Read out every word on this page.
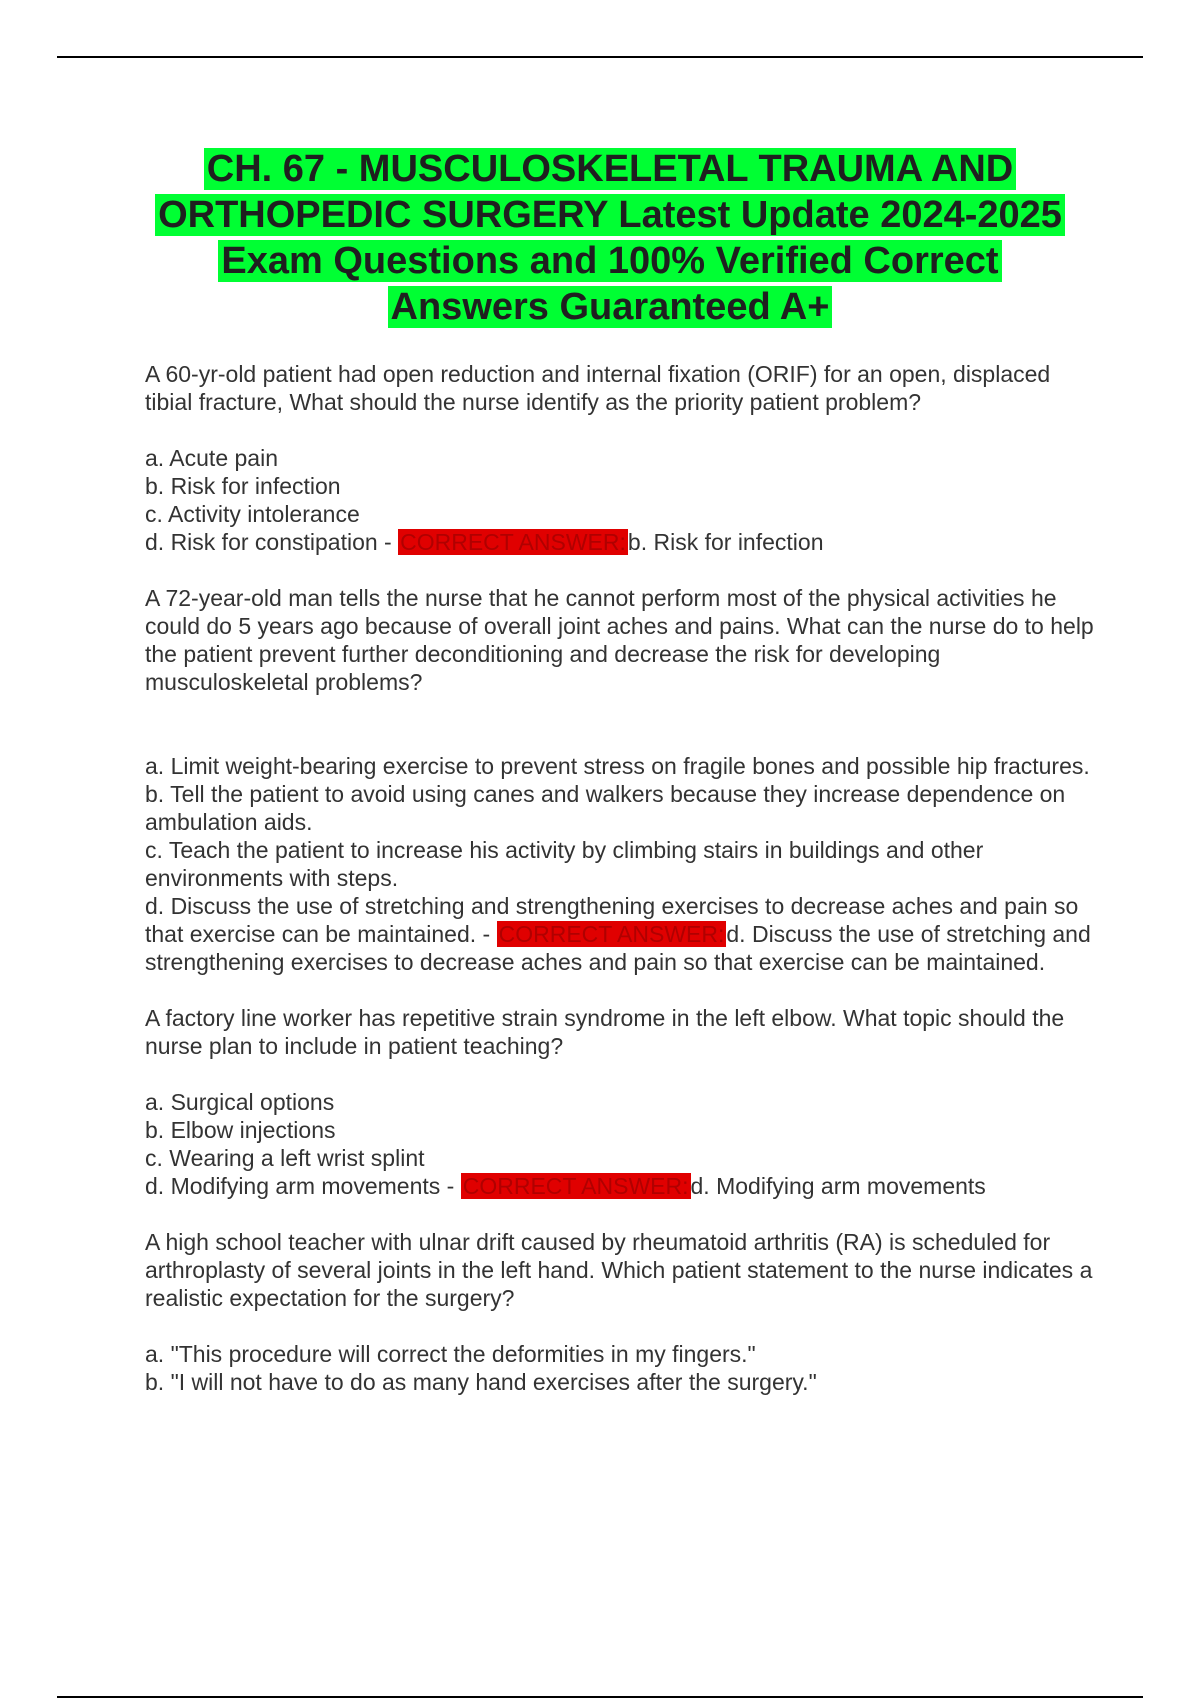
CH. 67 - MUSCULOSKELETAL TRAUMA AND ORTHOPEDIC SURGERY Latest Update 2024-2025 Exam Questions and 100% Verified Correct Answers Guaranteed A+

A 60-yr-old patient had open reduction and internal fixation (ORIF) for an open, displaced tibial fracture, What should the nurse identify as the priority patient problem?

a. Acute pain
b. Risk for infection
c. Activity intolerance
d. Risk for constipation - CORRECT ANSWER:b. Risk for infection

A 72-year-old man tells the nurse that he cannot perform most of the physical activities he could do 5 years ago because of overall joint aches and pains. What can the nurse do to help the patient prevent further deconditioning and decrease the risk for developing musculoskeletal problems?

a. Limit weight-bearing exercise to prevent stress on fragile bones and possible hip fractures.
b. Tell the patient to avoid using canes and walkers because they increase dependence on ambulation aids.
c. Teach the patient to increase his activity by climbing stairs in buildings and other environments with steps.
d. Discuss the use of stretching and strengthening exercises to decrease aches and pain so that exercise can be maintained. - CORRECT ANSWER:d. Discuss the use of stretching and strengthening exercises to decrease aches and pain so that exercise can be maintained.

A factory line worker has repetitive strain syndrome in the left elbow. What topic should the nurse plan to include in patient teaching?

a. Surgical options
b. Elbow injections
c. Wearing a left wrist splint
d. Modifying arm movements - CORRECT ANSWER:d. Modifying arm movements

A high school teacher with ulnar drift caused by rheumatoid arthritis (RA) is scheduled for arthroplasty of several joints in the left hand. Which patient statement to the nurse indicates a realistic expectation for the surgery?

a. "This procedure will correct the deformities in my fingers."
b. "I will not have to do as many hand exercises after the surgery."
